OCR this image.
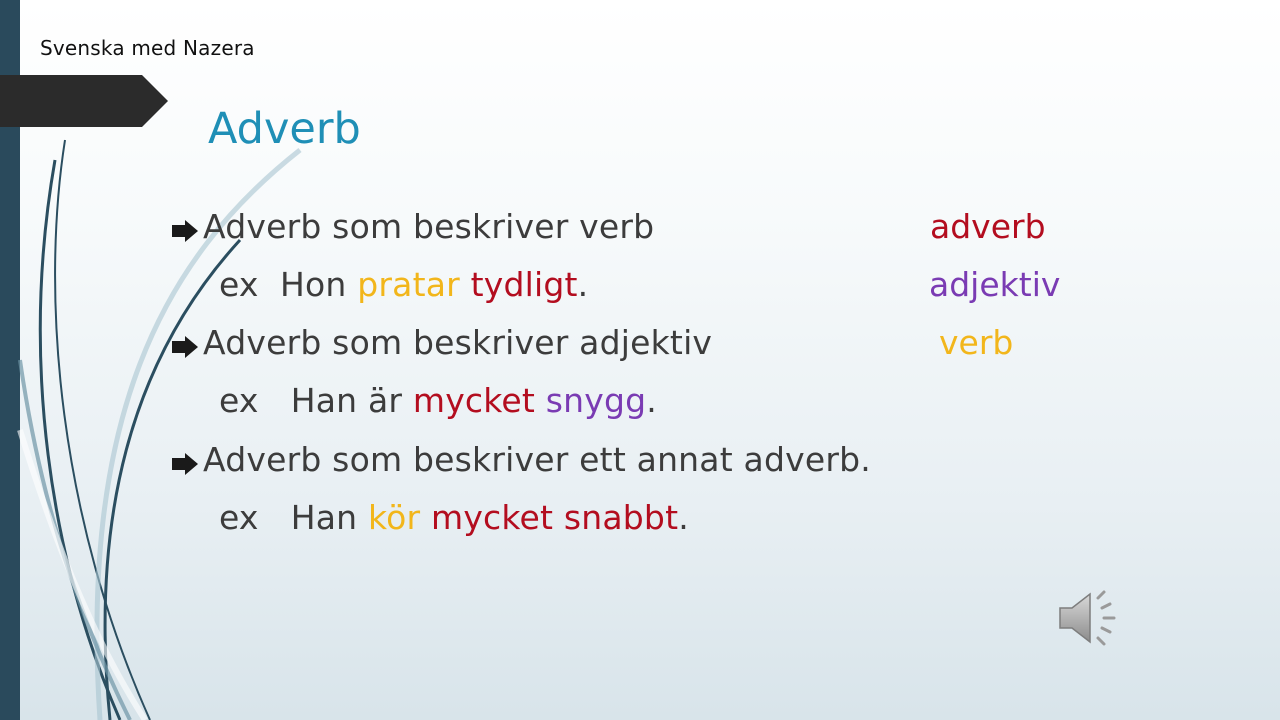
Svenska med Nazera
Adverb
Adverb som beskriver verb
ex  Hon pratar tydligt.
Adverb som beskriver adjektiv
ex   Han är mycket snygg.
Adverb som beskriver ett annat adverb.
ex   Han kör mycket snabbt.
adverb
adjektiv
verb
